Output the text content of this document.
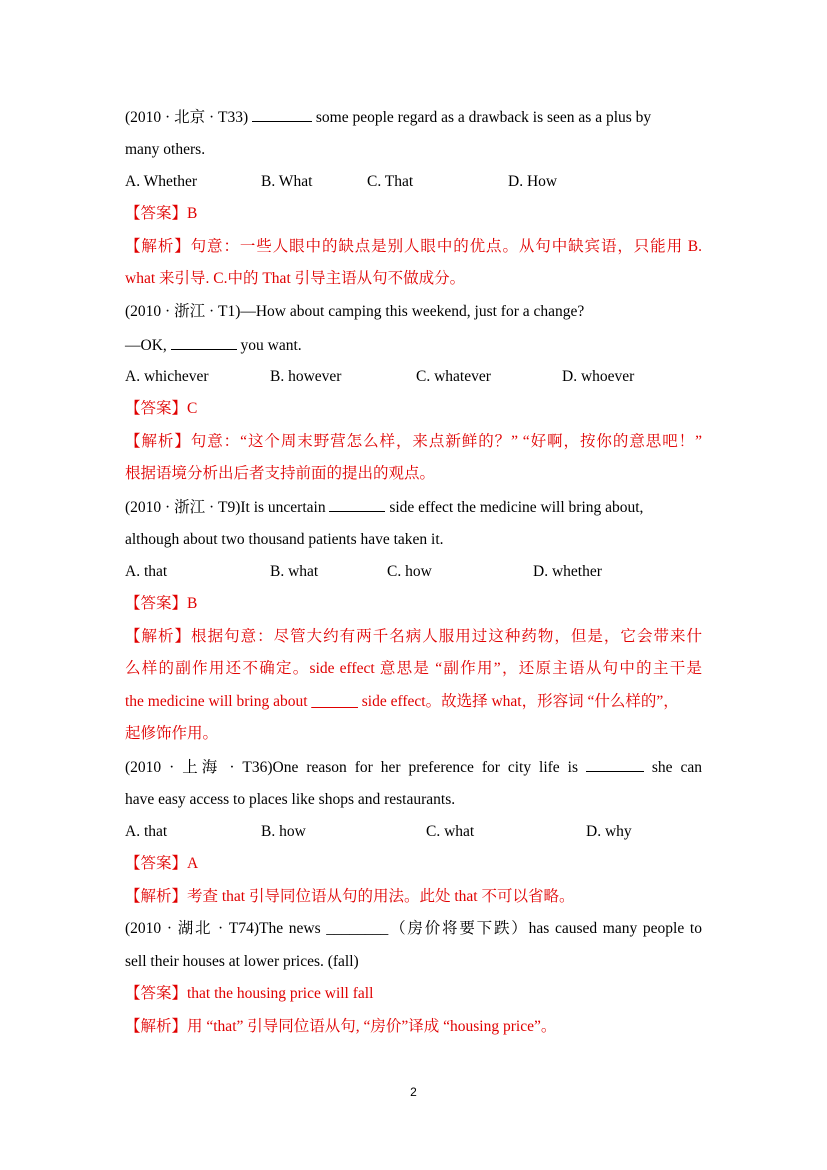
(2010 · 北京 · T33)	some people regard as a drawback is seen as a plus by
many others.
A. Whether	B. What	C. That	D. How
【答案】B
【解析】句意：一些人眼中的缺点是别人眼中的优点。从句中缺宾语，只能用 B.
what 来引导. C.中的 That 引导主语从句不做成分。
(2010 · 浙江 · T1)—How about camping this weekend, just for a change?
—OK,	you want.
A. whichever	B. however	C. whatever	D. whoever
【答案】C
【解析】句意：“这个周末野营怎么样，来点新鲜的？” “好啊，按你的意思吧！”
根据语境分析出后者支持前面的提出的观点。
(2010 · 浙江 · T9)It is uncertain	side effect the medicine will bring about,
although about two thousand patients have taken it.
A. that	B. what	C. how	D. whether
【答案】B
【解析】根据句意：尽管大约有两千名病人服用过这种药物，但是，它会带来什
么样的副作用还不确定。side effect 意思是 “副作用”，还原主语从句中的主干是
the medicine will bring about ______ side effect。故选择 what，形容词 “什么样的”，
起修饰作用。
(2010 · 上海 · T36)One reason for her preference for city life is	she can
have easy access to places like shops and restaurants.
A. that	B. how	C. what	D. why
【答案】A
【解析】考查 that 引导同位语从句的用法。此处 that 不可以省略。
(2010 · 湖北 · T74)The news ________（房价将要下跌）has caused many people to
sell their houses at lower prices. (fall)
【答案】that the housing price will fall
【解析】用 “that” 引导同位语从句, “房价”译成 “housing price”。
2
